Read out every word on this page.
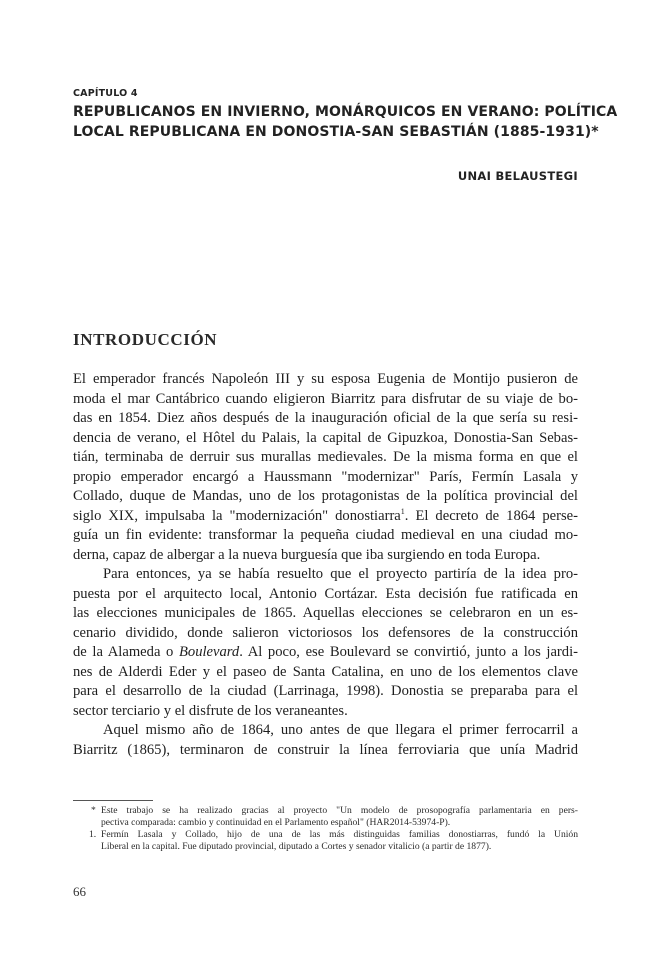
CAPÍTULO 4

REPUBLICANOS EN INVIERNO, MONÁRQUICOS EN VERANO: POLÍTICA

LOCAL REPUBLICANA EN DONOSTIA-SAN SEBASTIÁN (1885-1931)*

UNAI BELAUSTEGI
INTRODUCCIÓN
El emperador francés Napoleón III y su esposa Eugenia de Montijo pusieron de
moda el mar Cantábrico cuando eligieron Biarritz para disfrutar de su viaje de bo-
das en 1854. Diez años después de la inauguración oficial de la que sería su resi-
dencia de verano, el Hôtel du Palais, la capital de Gipuzkoa, Donostia-San Sebas-
tián, terminaba de derruir sus murallas medievales. De la misma forma en que el
propio emperador encargó a Haussmann "modernizar" París, Fermín Lasala y
Collado, duque de Mandas, uno de los protagonistas de la política provincial del
siglo XIX, impulsaba la "modernización" donostiarra$^1$. El decreto de 1864 perse-
guía un fin evidente: transformar la pequeña ciudad medieval en una ciudad mo-
derna, capaz de albergar a la nueva burguesía que iba surgiendo en toda Europa.
Para entonces, ya se había resuelto que el proyecto partiría de la idea pro-
puesta por el arquitecto local, Antonio Cortázar. Esta decisión fue ratificada en
las elecciones municipales de 1865. Aquellas elecciones se celebraron en un es-
cenario dividido, donde salieron victoriosos los defensores de la construcción
de la Alameda o Boulevard. Al poco, ese Boulevard se convirtió, junto a los jardi-
nes de Alderdi Eder y el paseo de Santa Catalina, en uno de los elementos clave
para el desarrollo de la ciudad (Larrinaga, 1998). Donostia se preparaba para el
sector terciario y el disfrute de los veraneantes.
Aquel mismo año de 1864, uno antes de que llegara el primer ferrocarril a
Biarritz (1865), terminaron de construir la línea ferroviaria que unía Madrid
* Este trabajo se ha realizado gracias al proyecto "Un modelo de prosopografía parlamentaria en pers-
pectiva comparada: cambio y continuidad en el Parlamento español" (HAR2014-53974-P).
1. Fermín Lasala y Collado, hijo de una de las más distinguidas familias donostiarras, fundó la Unión
Liberal en la capital. Fue diputado provincial, diputado a Cortes y senador vitalicio (a partir de 1877).
66
